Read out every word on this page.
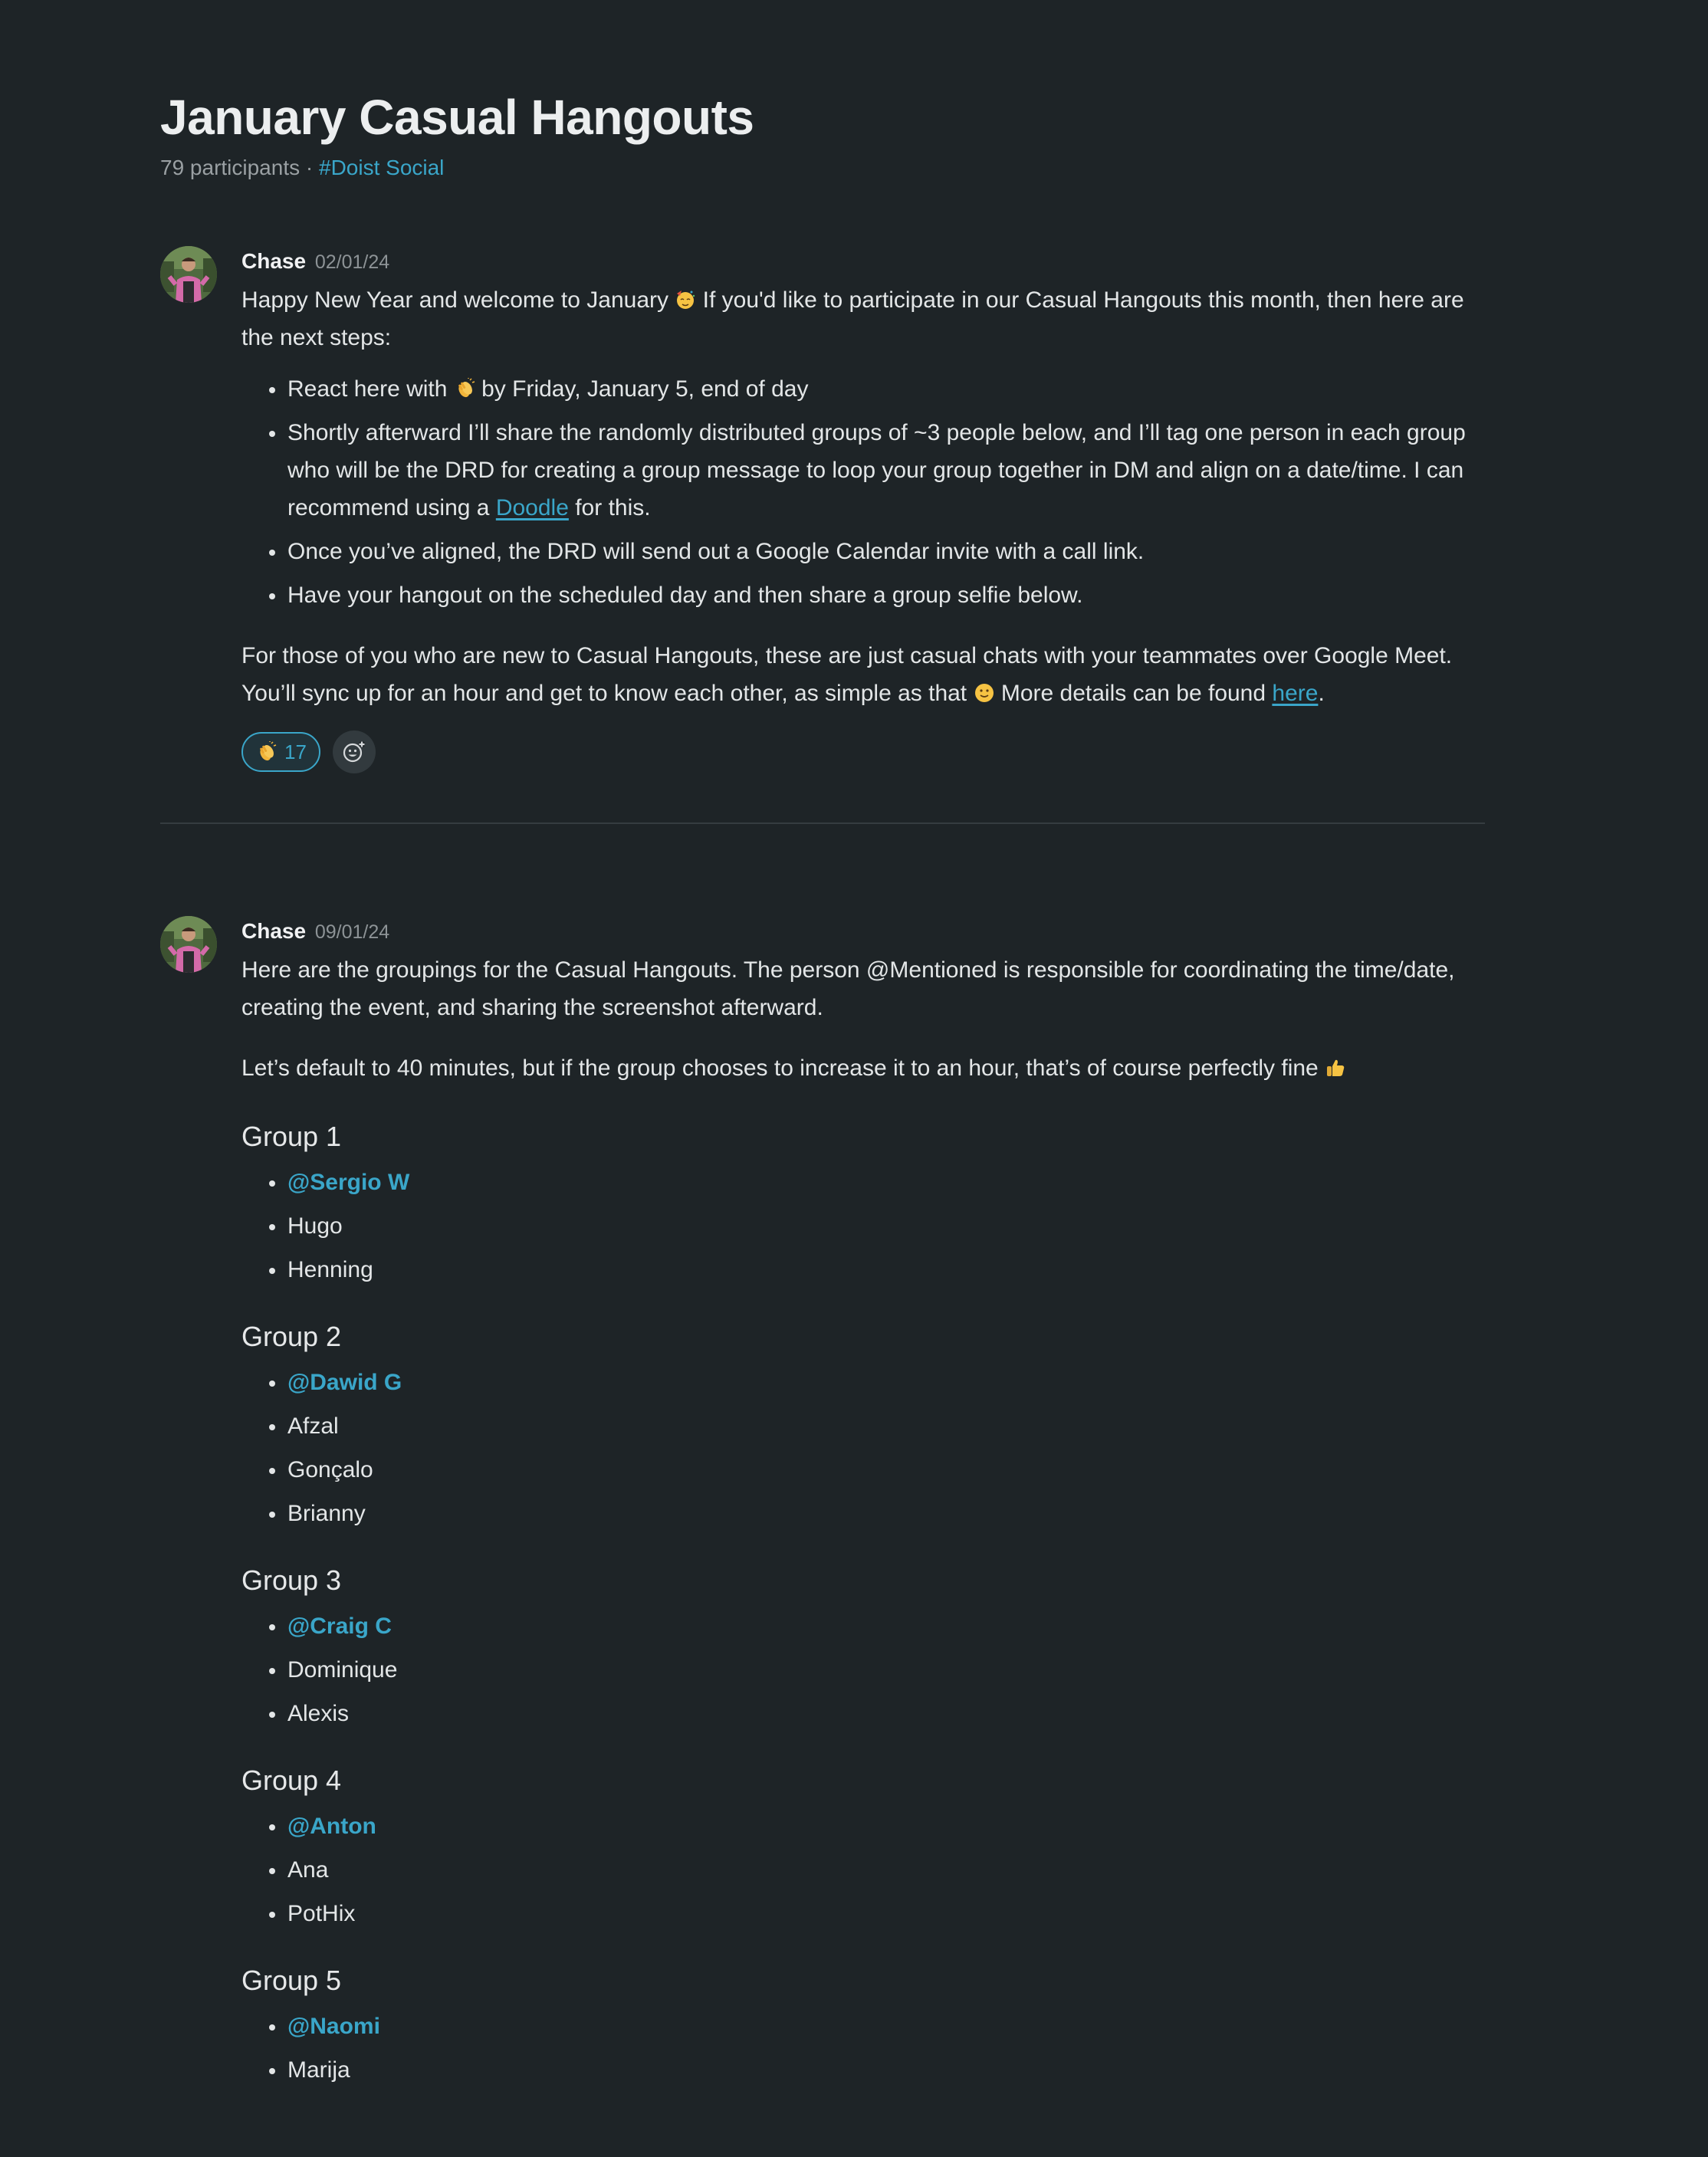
January Casual Hangouts
79 participants · #Doist Social
Chase 02/01/24

Happy New Year and welcome to January  If you'd like to participate in our Casual Hangouts this month, then here are the next steps:

React here with  by Friday, January 5, end of day
Shortly afterward I’ll share the randomly distributed groups of ~3 people below, and I’ll tag one person in each group who will be the DRD for creating a group message to loop your group together in DM and align on a date/time. I can recommend using a Doodle for this.
Once you’ve aligned, the DRD will send out a Google Calendar invite with a call link.
Have your hangout on the scheduled day and then share a group selfie below.

For those of you who are new to Casual Hangouts, these are just casual chats with your teammates over Google Meet. You’ll sync up for an hour and get to know each other, as simple as that  More details can be found here.

17
Chase 09/01/24

Here are the groupings for the Casual Hangouts. The person @Mentioned is responsible for coordinating the time/date, creating the event, and sharing the screenshot afterward.

Let’s default to 40 minutes, but if the group chooses to increase it to an hour, that’s of course perfectly fine

Group 1
@Sergio W
Hugo
Henning
Group 2
@Dawid G
Afzal
Gonçalo
Brianny
Group 3
@Craig C
Dominique
Alexis
Group 4
@Anton
Ana
PotHix
Group 5
@Naomi
Marija
